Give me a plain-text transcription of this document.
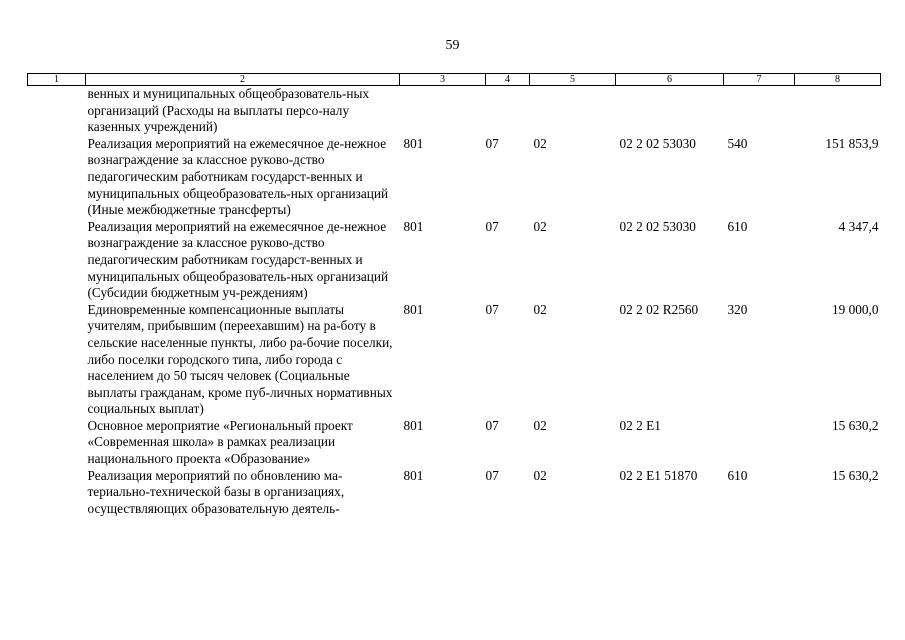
59
1	2	3	4	5	6	7	8
	венных и муниципальных общеобразователь-ных организаций (Расходы на выплаты персо-налу казенных учреждений)						
	Реализация мероприятий на ежемесячное де-нежное вознаграждение за классное руково-дство педагогическим работникам государст-венных и муниципальных общеобразователь-ных организаций (Иные межбюджетные трансферты)	801	07	02	02 2 02 53030	540	151 853,9
	Реализация мероприятий на ежемесячное де-нежное вознаграждение за классное руково-дство педагогическим работникам государст-венных и муниципальных общеобразователь-ных организаций (Субсидии бюджетным уч-реждениям)	801	07	02	02 2 02 53030	610	4 347,4
	Единовременные компенсационные выплаты учителям, прибывшим (переехавшим) на ра-боту в сельские населенные пункты, либо ра-бочие поселки, либо поселки городского типа, либо города с населением до 50 тысяч человек (Социальные выплаты гражданам, кроме пуб-личных нормативных социальных выплат)	801	07	02	02 2 02 R2560	320	19 000,0
	Основное мероприятие «Региональный проект «Современная школа» в рамках реализации национального проекта «Образование»	801	07	02	02 2 E1		15 630,2
	Реализация мероприятий по обновлению ма-териально-технической базы в организациях, осуществляющих образовательную деятель-	801	07	02	02 2 E1 51870	610	15 630,2
